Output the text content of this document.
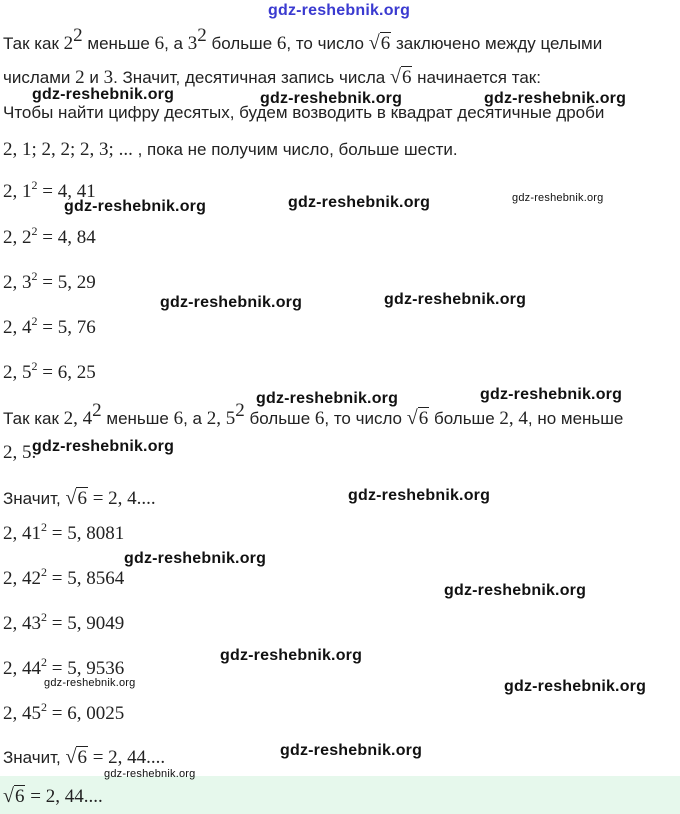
Так как $2^2$ меньше 6, а $3^2$ больше 6, то число √6 заключено между целыми
числами 2 и 3. Значит, десятичная запись числа √6 начинается так:
Чтобы найти цифру десятых, будем возводить в квадрат десятичные дроби
2, 1; 2, 2; 2, 3; ... , пока не получим число, больше шести.
2, $1^2 = 4$, 41
2, $2^2 = 4$, 84
2, $3^2 = 5$, 29
2, $4^2 = 5$, 76
2, $5^2 = 6$, 25
Так как 2, $4^2$ меньше 6, а 2, $5^2$ больше 6, то число √6 больше 2, 4, но меньше
2, 5.
Значит, √6 = 2, 4....
2, $41^2 = 5$, 8081
2, $42^2 = 5$, 8564
2, $43^2 = 5$, 9049
2, $44^2 = 5$, 9536
2, $45^2 = 6$, 0025
Значит, √6 = 2, 44....
√6 = 2, 44....
gdz-reshebnik.org
gdz-reshebnik.org	gdz-reshebnik.org	gdz-reshebnik.org
gdz-reshebnik.org	gdz-reshebnik.org	gdz-reshebnik.org
gdz-reshebnik.org	gdz-reshebnik.org
gdz-reshebnik.org	gdz-reshebnik.org
gdz-reshebnik.org
gdz-reshebnik.org
gdz-reshebnik.org
gdz-reshebnik.org
gdz-reshebnik.org
gdz-reshebnik.org	gdz-reshebnik.org
gdz-reshebnik.org
gdz-reshebnik.org
